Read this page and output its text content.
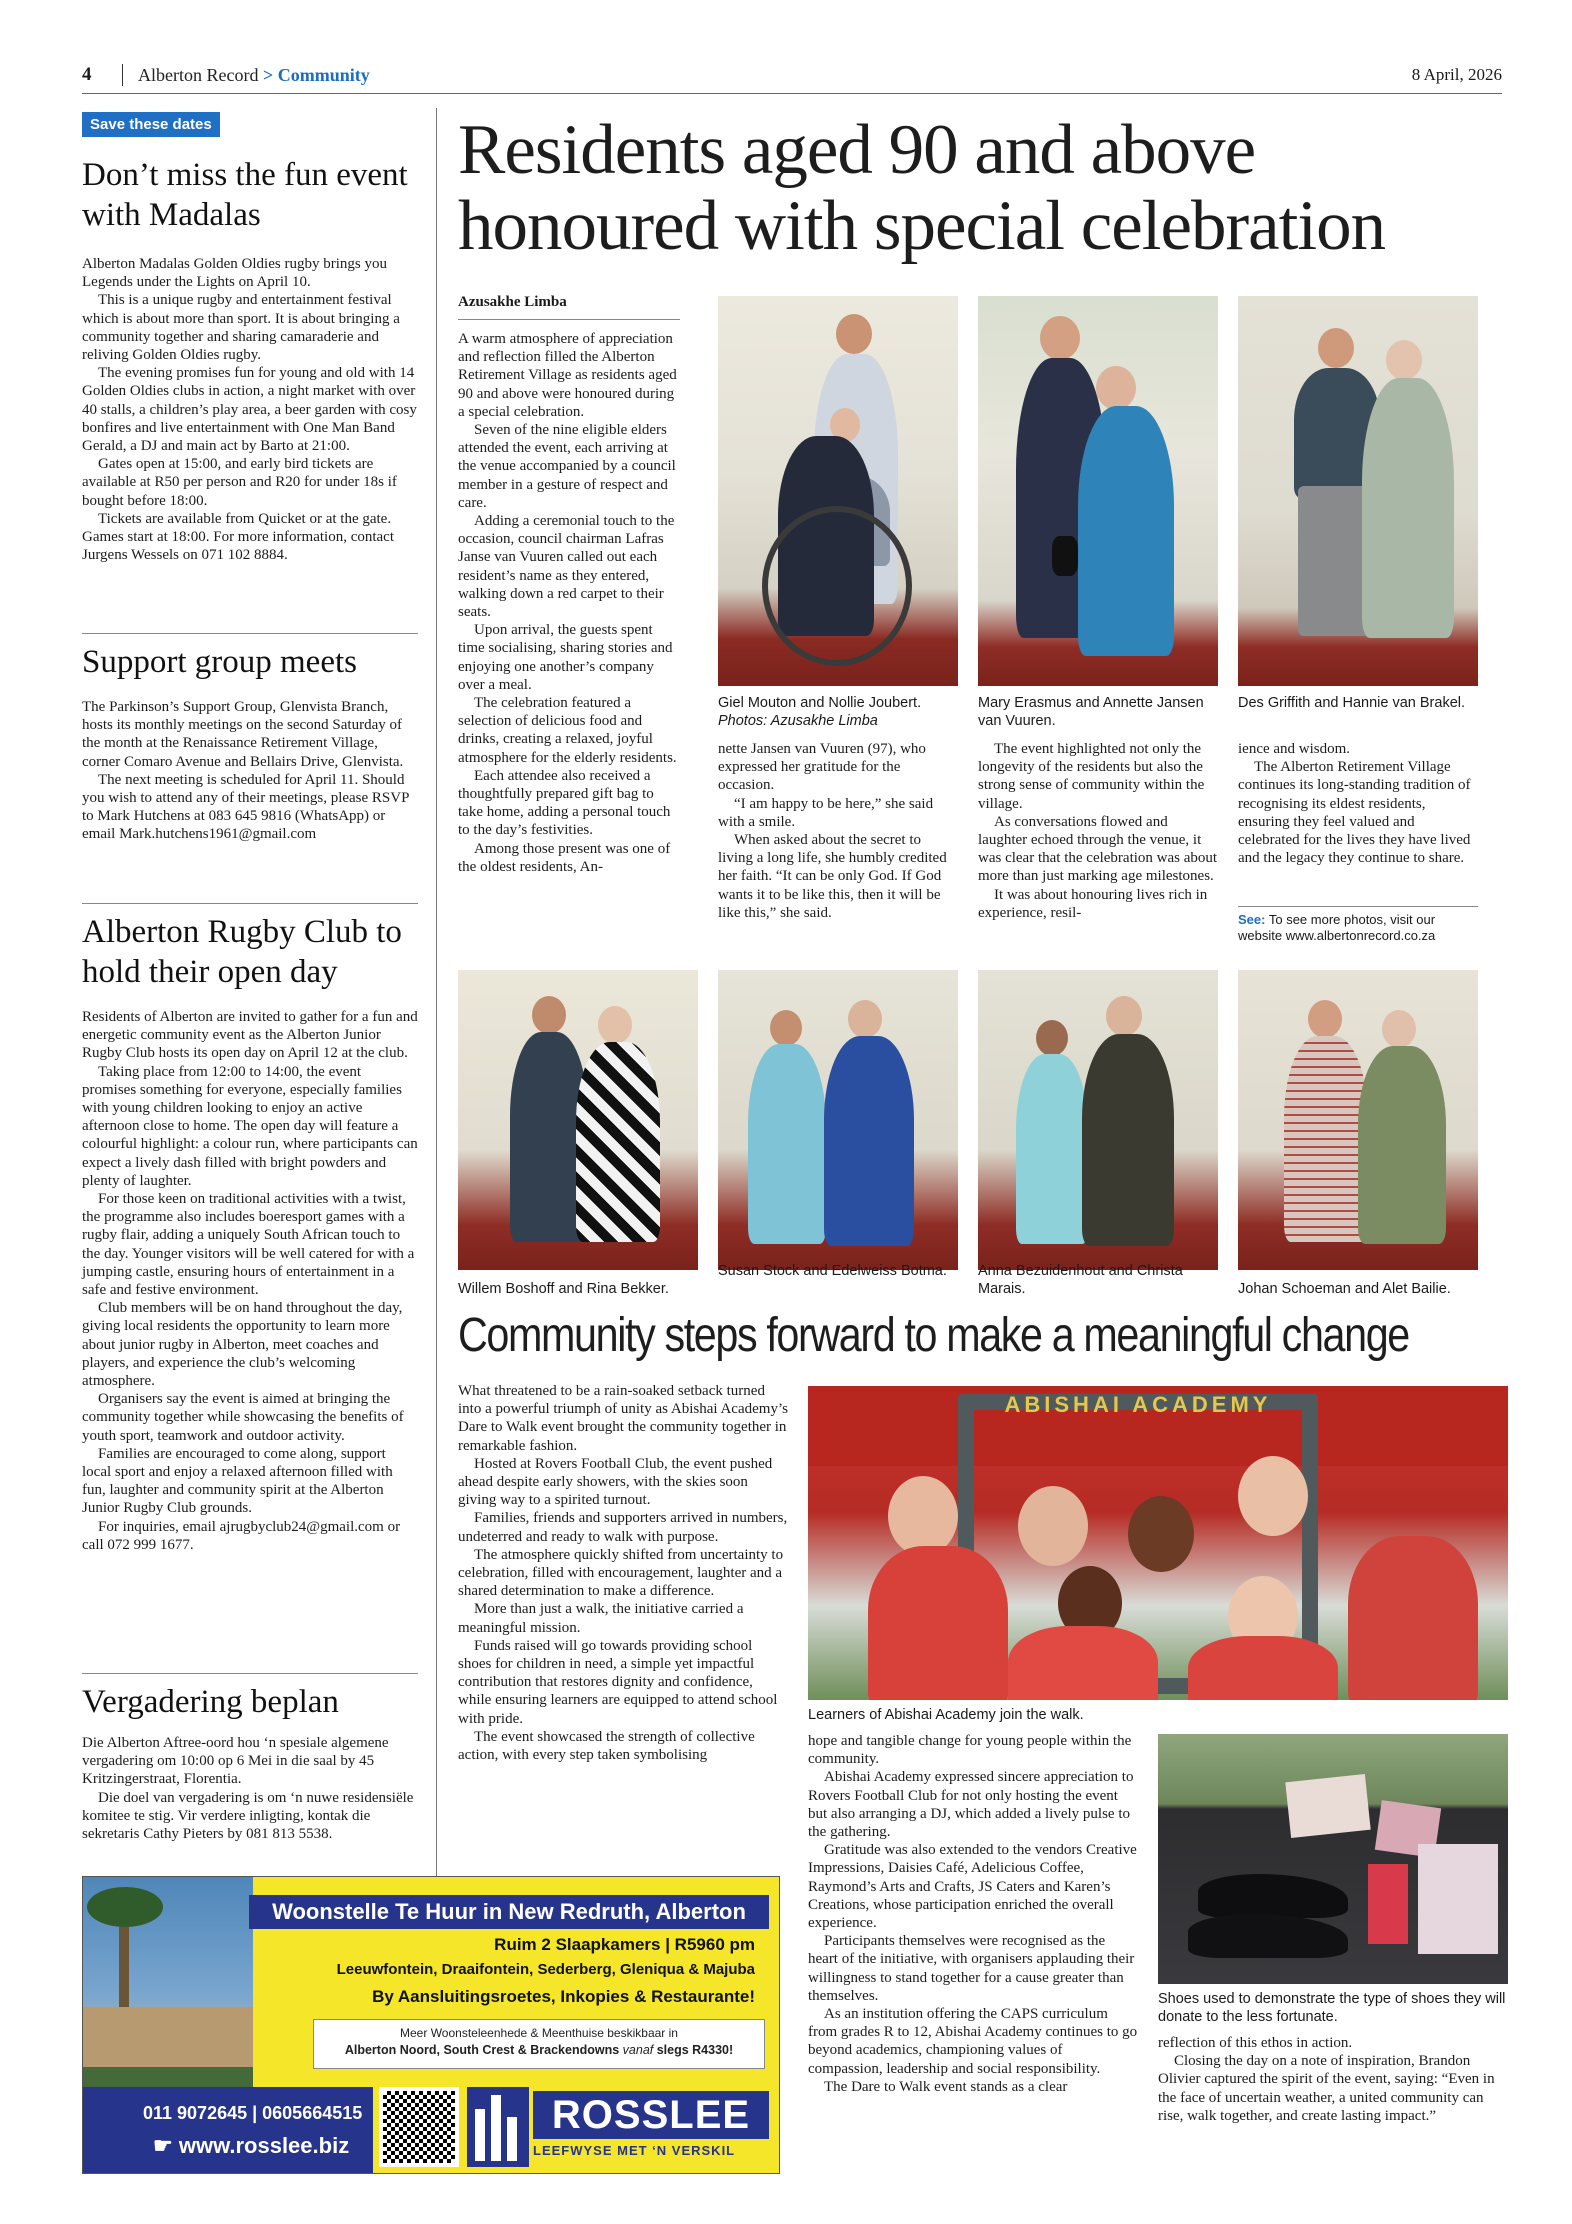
4	Alberton Record > Community	8 April, 2026
Save these dates
Don’t miss the fun event with Madalas

Alberton Madalas Golden Oldies rugby brings you Legends under the Lights on April 10.

This is a unique rugby and entertainment festival which is about more than sport. It is about bringing a community together and sharing camaraderie and reliving Golden Oldies rugby.

The evening promises fun for young and old with 14 Golden Oldies clubs in action, a night market with over 40 stalls, a children’s play area, a beer garden with cosy bonfires and live entertainment with One Man Band Gerald, a DJ and main act by Barto at 21:00.

Gates open at 15:00, and early bird tickets are available at R50 per person and R20 for under 18s if bought before 18:00.

Tickets are available from Quicket or at the gate. Games start at 18:00. For more information, contact Jurgens Wessels on 071 102 8884.

Support group meets

The Parkinson’s Support Group, Glenvista Branch, hosts its monthly meetings on the second Saturday of the month at the Renaissance Retirement Village, corner Comaro Avenue and Bellairs Drive, Glenvista.

The next meeting is scheduled for April 11. Should you wish to attend any of their meetings, please RSVP to Mark Hutchens at 083 645 9816 (WhatsApp) or email Mark.hutchens1961@gmail.com

Alberton Rugby Club to hold their open day

Residents of Alberton are invited to gather for a fun and energetic community event as the Alberton Junior Rugby Club hosts its open day on April 12 at the club.

Taking place from 12:00 to 14:00, the event promises something for everyone, especially families with young children looking to enjoy an active afternoon close to home. The open day will feature a colourful highlight: a colour run, where participants can expect a lively dash filled with bright powders and plenty of laughter.

For those keen on traditional activities with a twist, the programme also includes boeresport games with a rugby flair, adding a uniquely South African touch to the day. Younger visitors will be well catered for with a jumping castle, ensuring hours of entertainment in a safe and festive environment.

Club members will be on hand throughout the day, giving local residents the opportunity to learn more about junior rugby in Alberton, meet coaches and players, and experience the club’s welcoming atmosphere.

Organisers say the event is aimed at bringing the community together while showcasing the benefits of youth sport, teamwork and outdoor activity.

Families are encouraged to come along, support local sport and enjoy a relaxed afternoon filled with fun, laughter and community spirit at the Alberton Junior Rugby Club grounds.

For inquiries, email ajrugbyclub24@gmail.com or call 072 999 1677.

Vergadering beplan

Die Alberton Aftree-oord hou ‘n spesiale algemene vergadering om 10:00 op 6 Mei in die saal by 45 Kritzingerstraat, Florentia.

Die doel van vergadering is om ‘n nuwe residensiële komitee te stig. Vir verdere inligting, kontak die sekretaris Cathy Pieters by 081 813 5538.

Residents aged 90 and above
honoured with special celebration
Azusakhe Limba

A warm atmosphere of appreciation and reflection filled the Alberton Retirement Village as residents aged 90 and above were honoured during a special celebration.

Seven of the nine eligible elders attended the event, each arriving at the venue accompanied by a council member in a gesture of respect and care.

Adding a ceremonial touch to the occasion, council chairman Lafras Janse van Vuuren called out each resident’s name as they entered, walking down a red carpet to their seats.

Upon arrival, the guests spent time socialising, sharing stories and enjoying one another’s company over a meal.

The celebration featured a selection of delicious food and drinks, creating a relaxed, joyful atmosphere for the elderly residents.

Each attendee also received a thoughtfully prepared gift bag to take home, adding a personal touch to the day’s festivities.

Among those present was one of the oldest residents, An-

Giel Mouton and Nollie Joubert.
Photos: Azusakhe Limba
Mary Erasmus and Annette Jansen van Vuuren.
Des Griffith and Hannie van Brakel.

nette Jansen van Vuuren (97), who expressed her gratitude for the occasion.

“I am happy to be here,” she said with a smile.

When asked about the secret to living a long life, she humbly credited her faith. “It can be only God. If God wants it to be like this, then it will be like this,” she said.

The event highlighted not only the longevity of the residents but also the strong sense of community within the village.

As conversations flowed and laughter echoed through the venue, it was clear that the celebration was about more than just marking age milestones.

It was about honouring lives rich in experience, resil-

ience and wisdom.

The Alberton Retirement Village continues its long-standing tradition of recognising its eldest residents, ensuring they feel valued and celebrated for the lives they have lived and the legacy they continue to share.

See: To see more photos, visit our website www.albertonrecord.co.za
Willem Boshoff and Rina Bekker.
Susan Stock and Edelweiss Botma.	Anna Bezuidenhout and Christa Marais.	Johan Schoeman and Alet Bailie.
Community steps forward to make a meaningful change

What threatened to be a rain-soaked setback turned into a powerful triumph of unity as Abishai Academy’s Dare to Walk event brought the community together in remarkable fashion.

Hosted at Rovers Football Club, the event pushed ahead despite early showers, with the skies soon giving way to a spirited turnout.

Families, friends and supporters arrived in numbers, undeterred and ready to walk with purpose.

The atmosphere quickly shifted from uncertainty to celebration, filled with encouragement, laughter and a shared determination to make a difference.

More than just a walk, the initiative carried a meaningful mission.

Funds raised will go towards providing school shoes for children in need, a simple yet impactful contribution that restores dignity and confidence, while ensuring learners are equipped to attend school with pride.

The event showcased the strength of collective action, with every step taken symbolising

ABISHAI ACADEMY
Learners of Abishai Academy join the walk.

hope and tangible change for young people within the community.

Abishai Academy expressed sincere appreciation to Rovers Football Club for not only hosting the event but also arranging a DJ, which added a lively pulse to the gathering.

Gratitude was also extended to the vendors Creative Impressions, Daisies Café, Adelicious Coffee, Raymond’s Arts and Crafts, JS Caters and Karen’s Creations, whose participation enriched the overall experience.

Participants themselves were recognised as the heart of the initiative, with organisers applauding their willingness to stand together for a cause greater than themselves.

As an institution offering the CAPS curriculum from grades R to 12, Abishai Academy continues to go beyond academics, championing values of compassion, leadership and social responsibility.

The Dare to Walk event stands as a clear

Shoes used to demonstrate the type of shoes they will donate to the less fortunate.

reflection of this ethos in action.

Closing the day on a note of inspiration, Brandon Olivier captured the spirit of the event, saying: “Even in the face of uncertain weather, a united community can rise, walk together, and create lasting impact.”

Woonstelle Te Huur in New Redruth, Alberton
Ruim 2 Slaapkamers | R5960 pm
Leeuwfontein, Draaifontein, Sederberg, Gleniqua & Majuba
By Aansluitingsroetes, Inkopies & Restaurante!
Meer Woonsteleenhede & Meenthuise beskikbaar in
Alberton Noord, South Crest & Brackendowns vanaf slegs R4330!
011 9072645 | 0605664515
☛ www.rosslee.biz
ROSSLEE
LEEFWYSE MET ‘N VERSKIL
